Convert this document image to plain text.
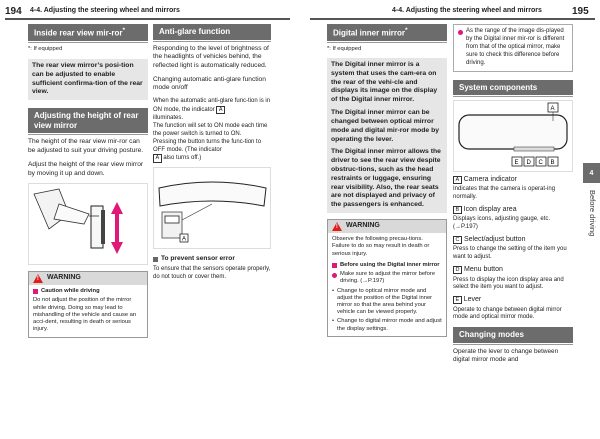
194 4-4. Adjusting the steering wheel and mirrors	4-4. Adjusting the steering wheel and mirrors	195
Inside rear view mir-ror*
*: If equipped
The rear view mirror’s posi-tion can be adjusted to enable sufficient confirma-tion of the rear view.
Adjusting the height of rear view mirror
The height of the rear view mir-ror can be adjusted to suit your driving posture.
Adjust the height of the rear view mirror by moving it up and down.
!
WARNING
Caution while driving
Do not adjust the position of the mirror while driving. Doing so may lead to mishandling of the vehicle and cause an acci-dent, resulting in death or serious injury.
Anti-glare function
Responding to the level of brightness of the headlights of vehicles behind, the reflected light is automatically reduced.
Changing automatic anti-glare function mode on/off
When the automatic anti-glare func-tion is in ON mode, the indicator A
illuminates.
The function will set to ON mode each time the power switch is turned to ON.
Pressing the button turns the func-tion to OFF mode. (The indicator
A also turns off.)
A
To prevent sensor error
To ensure that the sensors operate properly, do not touch or cover them.
Digital inner mirror*
*: If equipped
The Digital inner mirror is a system that uses the cam-era on the rear of the vehi-cle and displays its image on the display of the Digital inner mirror.
The Digital inner mirror can be changed between optical mirror mode and digital mir-ror mode by operating the lever.
The Digital inner mirror allows the driver to see the rear view despite obstruc-tions, such as the head restraints or luggage, ensuring rear visibility. Also, the rear seats are not displayed and privacy of the passengers is enhanced.
!
WARNING
Observe the following precau-tions. Failure to do so may result in death or serious injury.
Before using the Digital inner mirror
Make sure to adjust the mirror before driving. (→P.197)
• Change to optical mirror mode and adjust the position of the Digital inner mirror so that the area behind your vehicle can be viewed properly.
• Change to digital mirror mode and adjust the display settings.
As the range of the image dis-played by the Digital inner mir-ror is different from that of the optical mirror, make sure to check this difference before driving.
System components
A
E D C B
A Camera indicator
Indicates that the camera is operat-ing normally.
B Icon display area
Displays icons, adjusting gauge, etc. (→P.197)
C Select/adjust button
Press to change the setting of the item you want to adjust.
D Menu button
Press to display the icon display area and select the item you want to adjust.
E Lever
Operate to change between digital mirror mode and optical mirror mode.
Changing modes
Operate the lever to change between digital mirror mode and
4
Before driving
